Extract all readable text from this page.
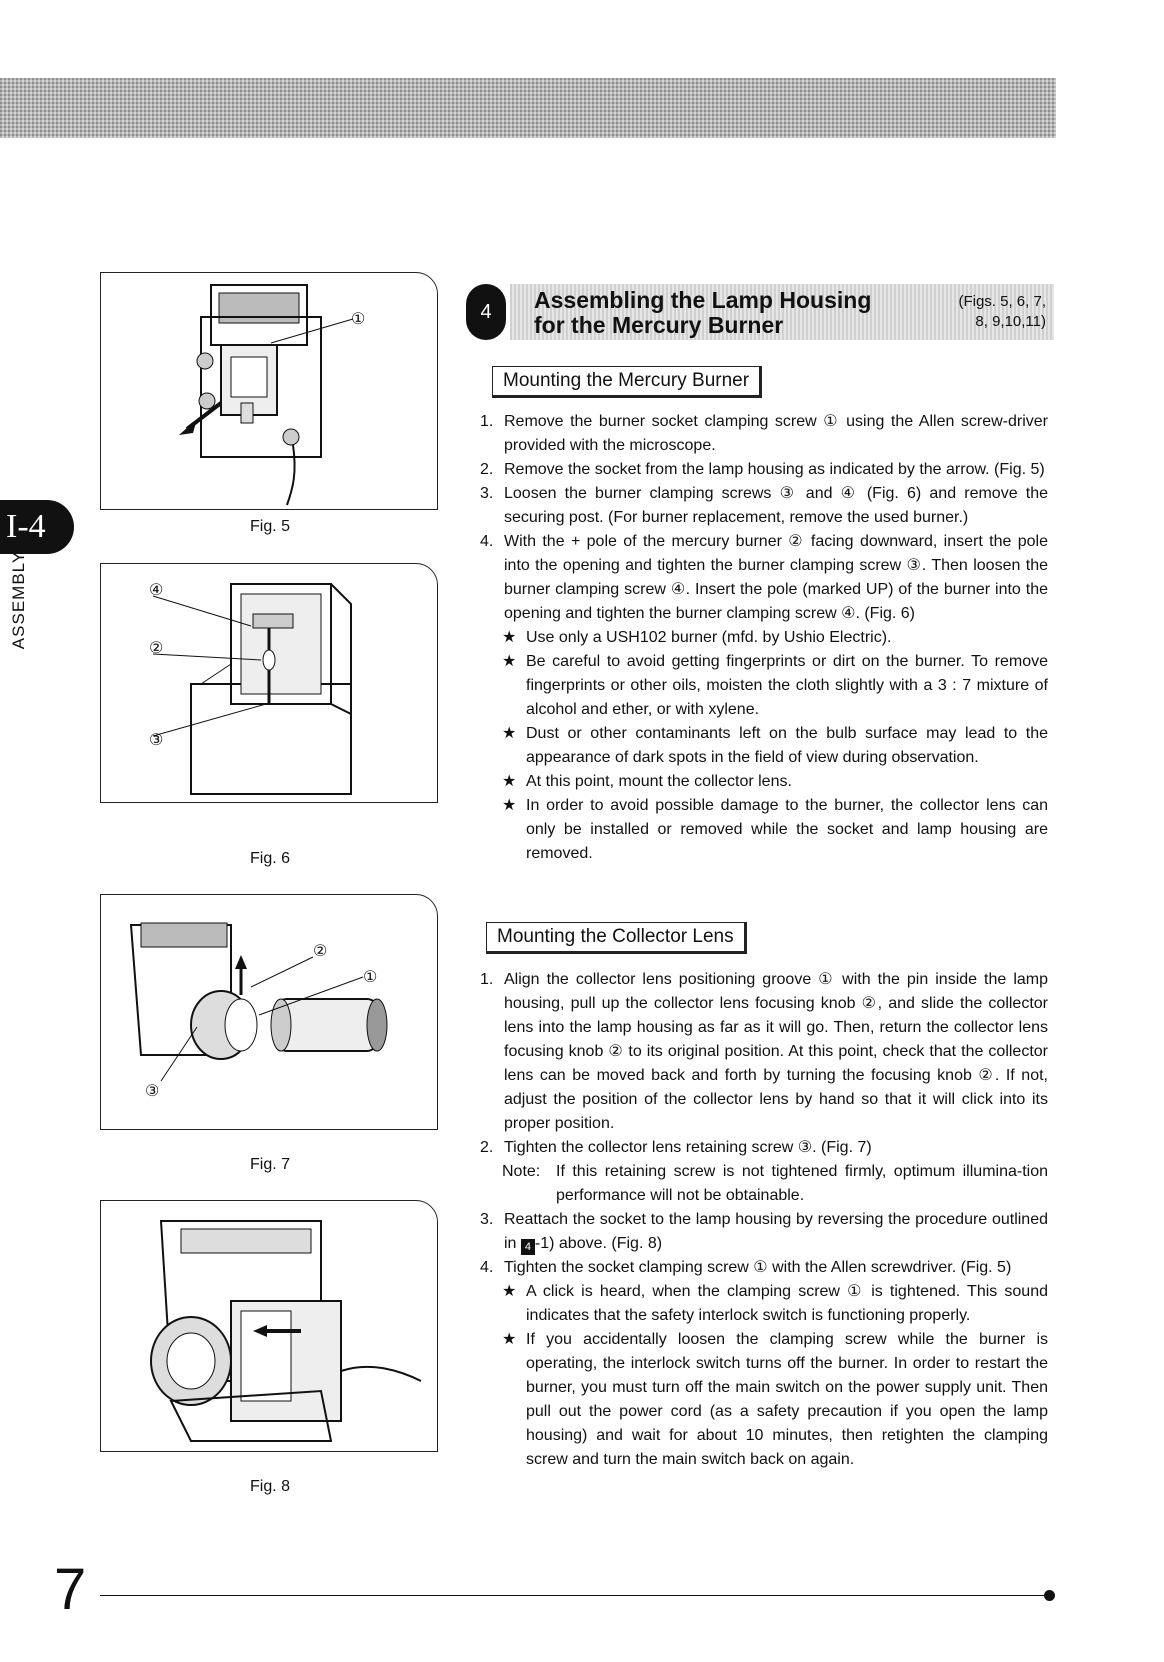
I-4
ASSEMBLY
①
Fig. 5
④
②
③
Fig. 6
②
①
③
Fig. 7
Fig. 8
4	Assembling the Lamp Housing
for the Mercury Burner
(Figs. 5, 6, 7,
8, 9,10,11)
Mounting the Mercury Burner
1. Remove the burner socket clamping screw ① using the Allen screw-driver provided with the microscope.
2. Remove the socket from the lamp housing as indicated by the arrow. (Fig. 5)
3. Loosen the burner clamping screws ③ and ④ (Fig. 6) and remove the securing post. (For burner replacement, remove the used burner.)
4. With the + pole of the mercury burner ② facing downward, insert the pole into the opening and tighten the burner clamping screw ③. Then loosen the burner clamping screw ④. Insert the pole (marked UP) of the burner into the opening and tighten the burner clamping screw ④. (Fig. 6)
★ Use only a USH102 burner (mfd. by Ushio Electric).
★ Be careful to avoid getting fingerprints or dirt on the burner. To remove fingerprints or other oils, moisten the cloth slightly with a 3 : 7 mixture of alcohol and ether, or with xylene.
★ Dust or other contaminants left on the bulb surface may lead to the appearance of dark spots in the field of view during observation.
★ At this point, mount the collector lens.
★ In order to avoid possible damage to the burner, the collector lens can only be installed or removed while the socket and lamp housing are removed.
Mounting the Collector Lens
1. Align the collector lens positioning groove ① with the pin inside the lamp housing, pull up the collector lens focusing knob ②, and slide the collector lens into the lamp housing as far as it will go. Then, return the collector lens focusing knob ② to its original position. At this point, check that the collector lens can be moved back and forth by turning the focusing knob ②. If not, adjust the position of the collector lens by hand so that it will click into its proper position.
2. Tighten the collector lens retaining screw ③. (Fig. 7)
Note: If this retaining screw is not tightened firmly, optimum illumina-tion performance will not be obtainable.
3. Reattach the socket to the lamp housing by reversing the procedure outlined in 4 -1) above. (Fig. 8)
4. Tighten the socket clamping screw ① with the Allen screwdriver. (Fig. 5)
★ A click is heard, when the clamping screw ① is tightened. This sound indicates that the safety interlock switch is functioning properly.
★ If you accidentally loosen the clamping screw while the burner is operating, the interlock switch turns off the burner. In order to restart the burner, you must turn off the main switch on the power supply unit. Then pull out the power cord (as a safety precaution if you open the lamp housing) and wait for about 10 minutes, then retighten the clamping screw and turn the main switch back on again.
7
